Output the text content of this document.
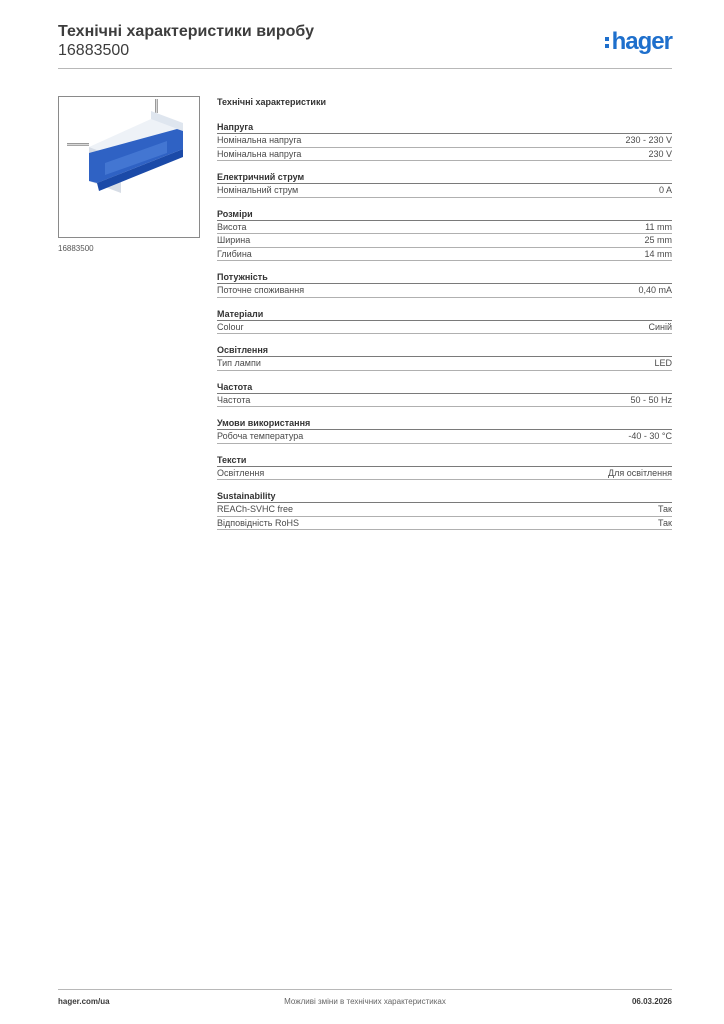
Технічні характеристики виробу
16883500	hager
16883500
Технічні характеристики
Напруга
Номінальна напруга	230 - 230 V
Номінальна напруга	230 V
Електричний струм
Номінальний струм	0 A
Розміри
Висота	11 mm
Ширина	25 mm
Глибина	14 mm
Потужність
Поточне споживання	0,40 mA
Матеріали
Colour	Синій
Освітлення
Тип лампи	LED
Частота
Частота	50 - 50 Hz
Умови використання
Робоча температура	-40 - 30 °C
Тексти
Освітлення	Для освітлення
Sustainability
REACh-SVHC free	Так
Відповідність RoHS	Так
hager.com/ua	Можливі зміни в технічних характеристиках	06.03.2026
